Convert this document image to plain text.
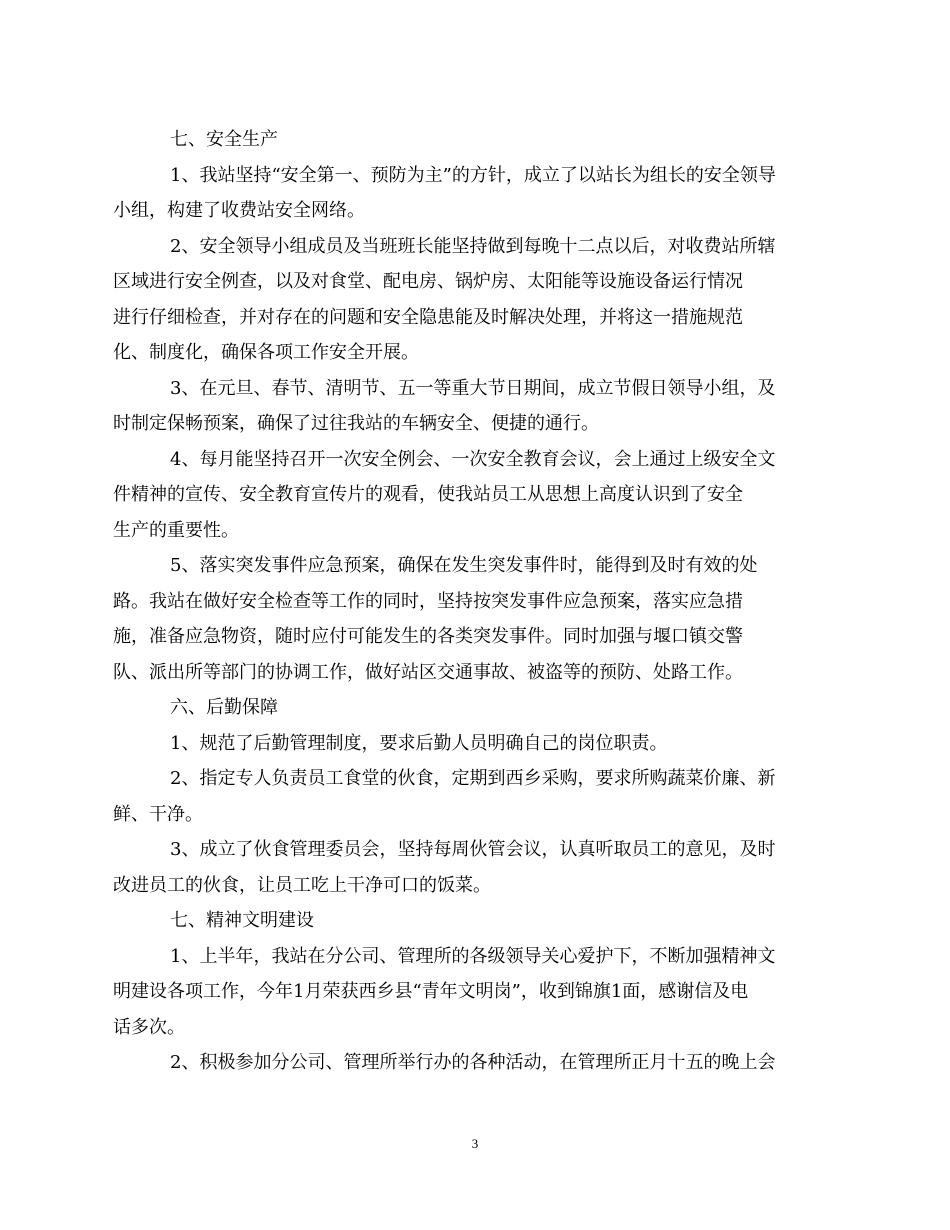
七、安全生产
1、我站坚持“安全第一、预防为主”的方针，成立了以站长为组长的安全领导
小组，构建了收费站安全网络。
2、安全领导小组成员及当班班长能坚持做到每晚十二点以后，对收费站所辖
区域进行安全例查，以及对食堂、配电房、锅炉房、太阳能等设施设备运行情况
进行仔细检查，并对存在的问题和安全隐患能及时解决处理，并将这一措施规范
化、制度化，确保各项工作安全开展。
3、在元旦、春节、清明节、五一等重大节日期间，成立节假日领导小组，及
时制定保畅预案，确保了过往我站的车辆安全、便捷的通行。
4、每月能坚持召开一次安全例会、一次安全教育会议，会上通过上级安全文
件精神的宣传、安全教育宣传片的观看，使我站员工从思想上高度认识到了安全
生产的重要性。
5、落实突发事件应急预案，确保在发生突发事件时，能得到及时有效的处
路。我站在做好安全检查等工作的同时，坚持按突发事件应急预案，落实应急措
施，准备应急物资，随时应付可能发生的各类突发事件。同时加强与堰口镇交警
队、派出所等部门的协调工作，做好站区交通事故、被盗等的预防、处路工作。
六、后勤保障
1、规范了后勤管理制度，要求后勤人员明确自己的岗位职责。
2、指定专人负责员工食堂的伙食，定期到西乡采购，要求所购蔬菜价廉、新
鲜、干净。
3、成立了伙食管理委员会，坚持每周伙管会议，认真听取员工的意见，及时
改进员工的伙食，让员工吃上干净可口的饭菜。
七、精神文明建设
1、上半年，我站在分公司、管理所的各级领导关心爱护下，不断加强精神文
明建设各项工作，今年1月荣获西乡县“青年文明岗”，收到锦旗1面，感谢信及电
话多次。
2、积极参加分公司、管理所举行办的各种活动，在管理所正月十五的晚上会
3
